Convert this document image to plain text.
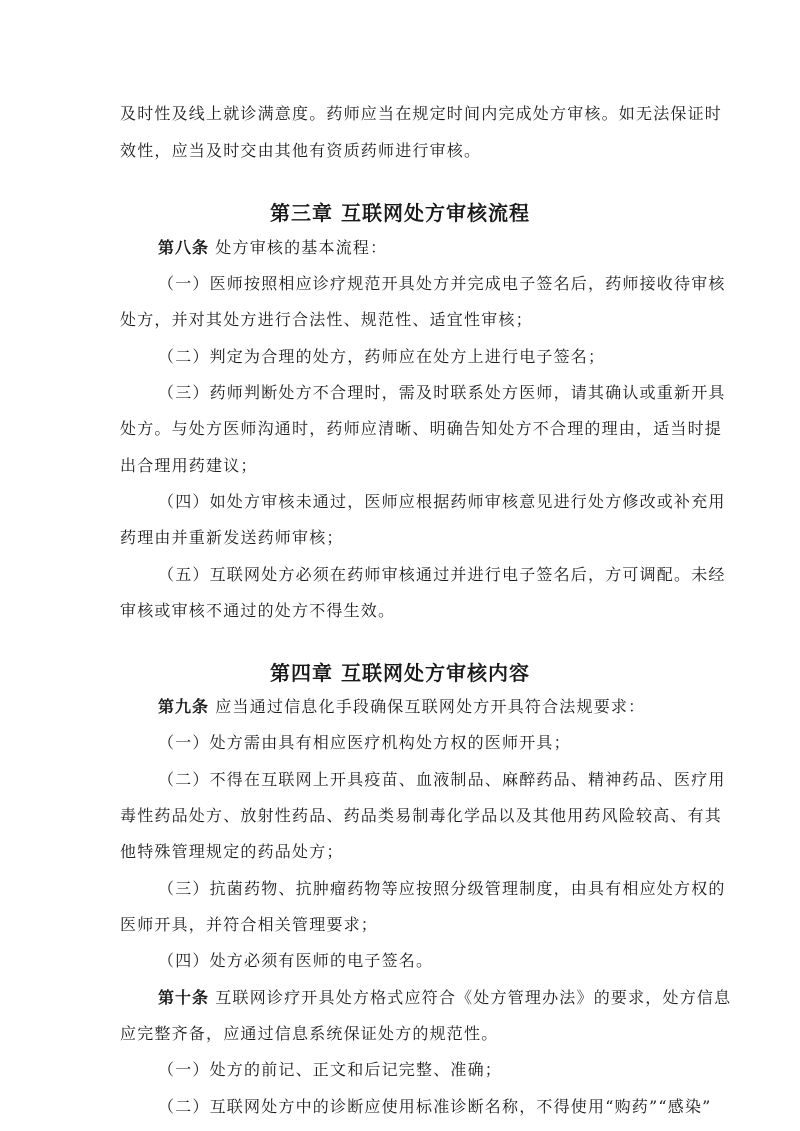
及时性及线上就诊满意度。药师应当在规定时间内完成处方审核。如无法保证时
效性，应当及时交由其他有资质药师进行审核。
第三章 互联网处方审核流程
第八条 处方审核的基本流程：
（一）医师按照相应诊疗规范开具处方并完成电子签名后，药师接收待审核
处方，并对其处方进行合法性、规范性、适宜性审核；
（二）判定为合理的处方，药师应在处方上进行电子签名；
（三）药师判断处方不合理时，需及时联系处方医师，请其确认或重新开具
处方。与处方医师沟通时，药师应清晰、明确告知处方不合理的理由，适当时提
出合理用药建议；
（四）如处方审核未通过，医师应根据药师审核意见进行处方修改或补充用
药理由并重新发送药师审核；
（五）互联网处方必须在药师审核通过并进行电子签名后，方可调配。未经
审核或审核不通过的处方不得生效。
第四章 互联网处方审核内容
第九条 应当通过信息化手段确保互联网处方开具符合法规要求：
（一）处方需由具有相应医疗机构处方权的医师开具；
（二）不得在互联网上开具疫苗、血液制品、麻醉药品、精神药品、医疗用
毒性药品处方、放射性药品、药品类易制毒化学品以及其他用药风险较高、有其
他特殊管理规定的药品处方；
（三）抗菌药物、抗肿瘤药物等应按照分级管理制度，由具有相应处方权的
医师开具，并符合相关管理要求；
（四）处方必须有医师的电子签名。
第十条 互联网诊疗开具处方格式应符合《处方管理办法》的要求，处方信息
应完整齐备，应通过信息系统保证处方的规范性。
（一）处方的前记、正文和后记完整、准确；
（二）互联网处方中的诊断应使用标准诊断名称，不得使用“购药”“感染”
